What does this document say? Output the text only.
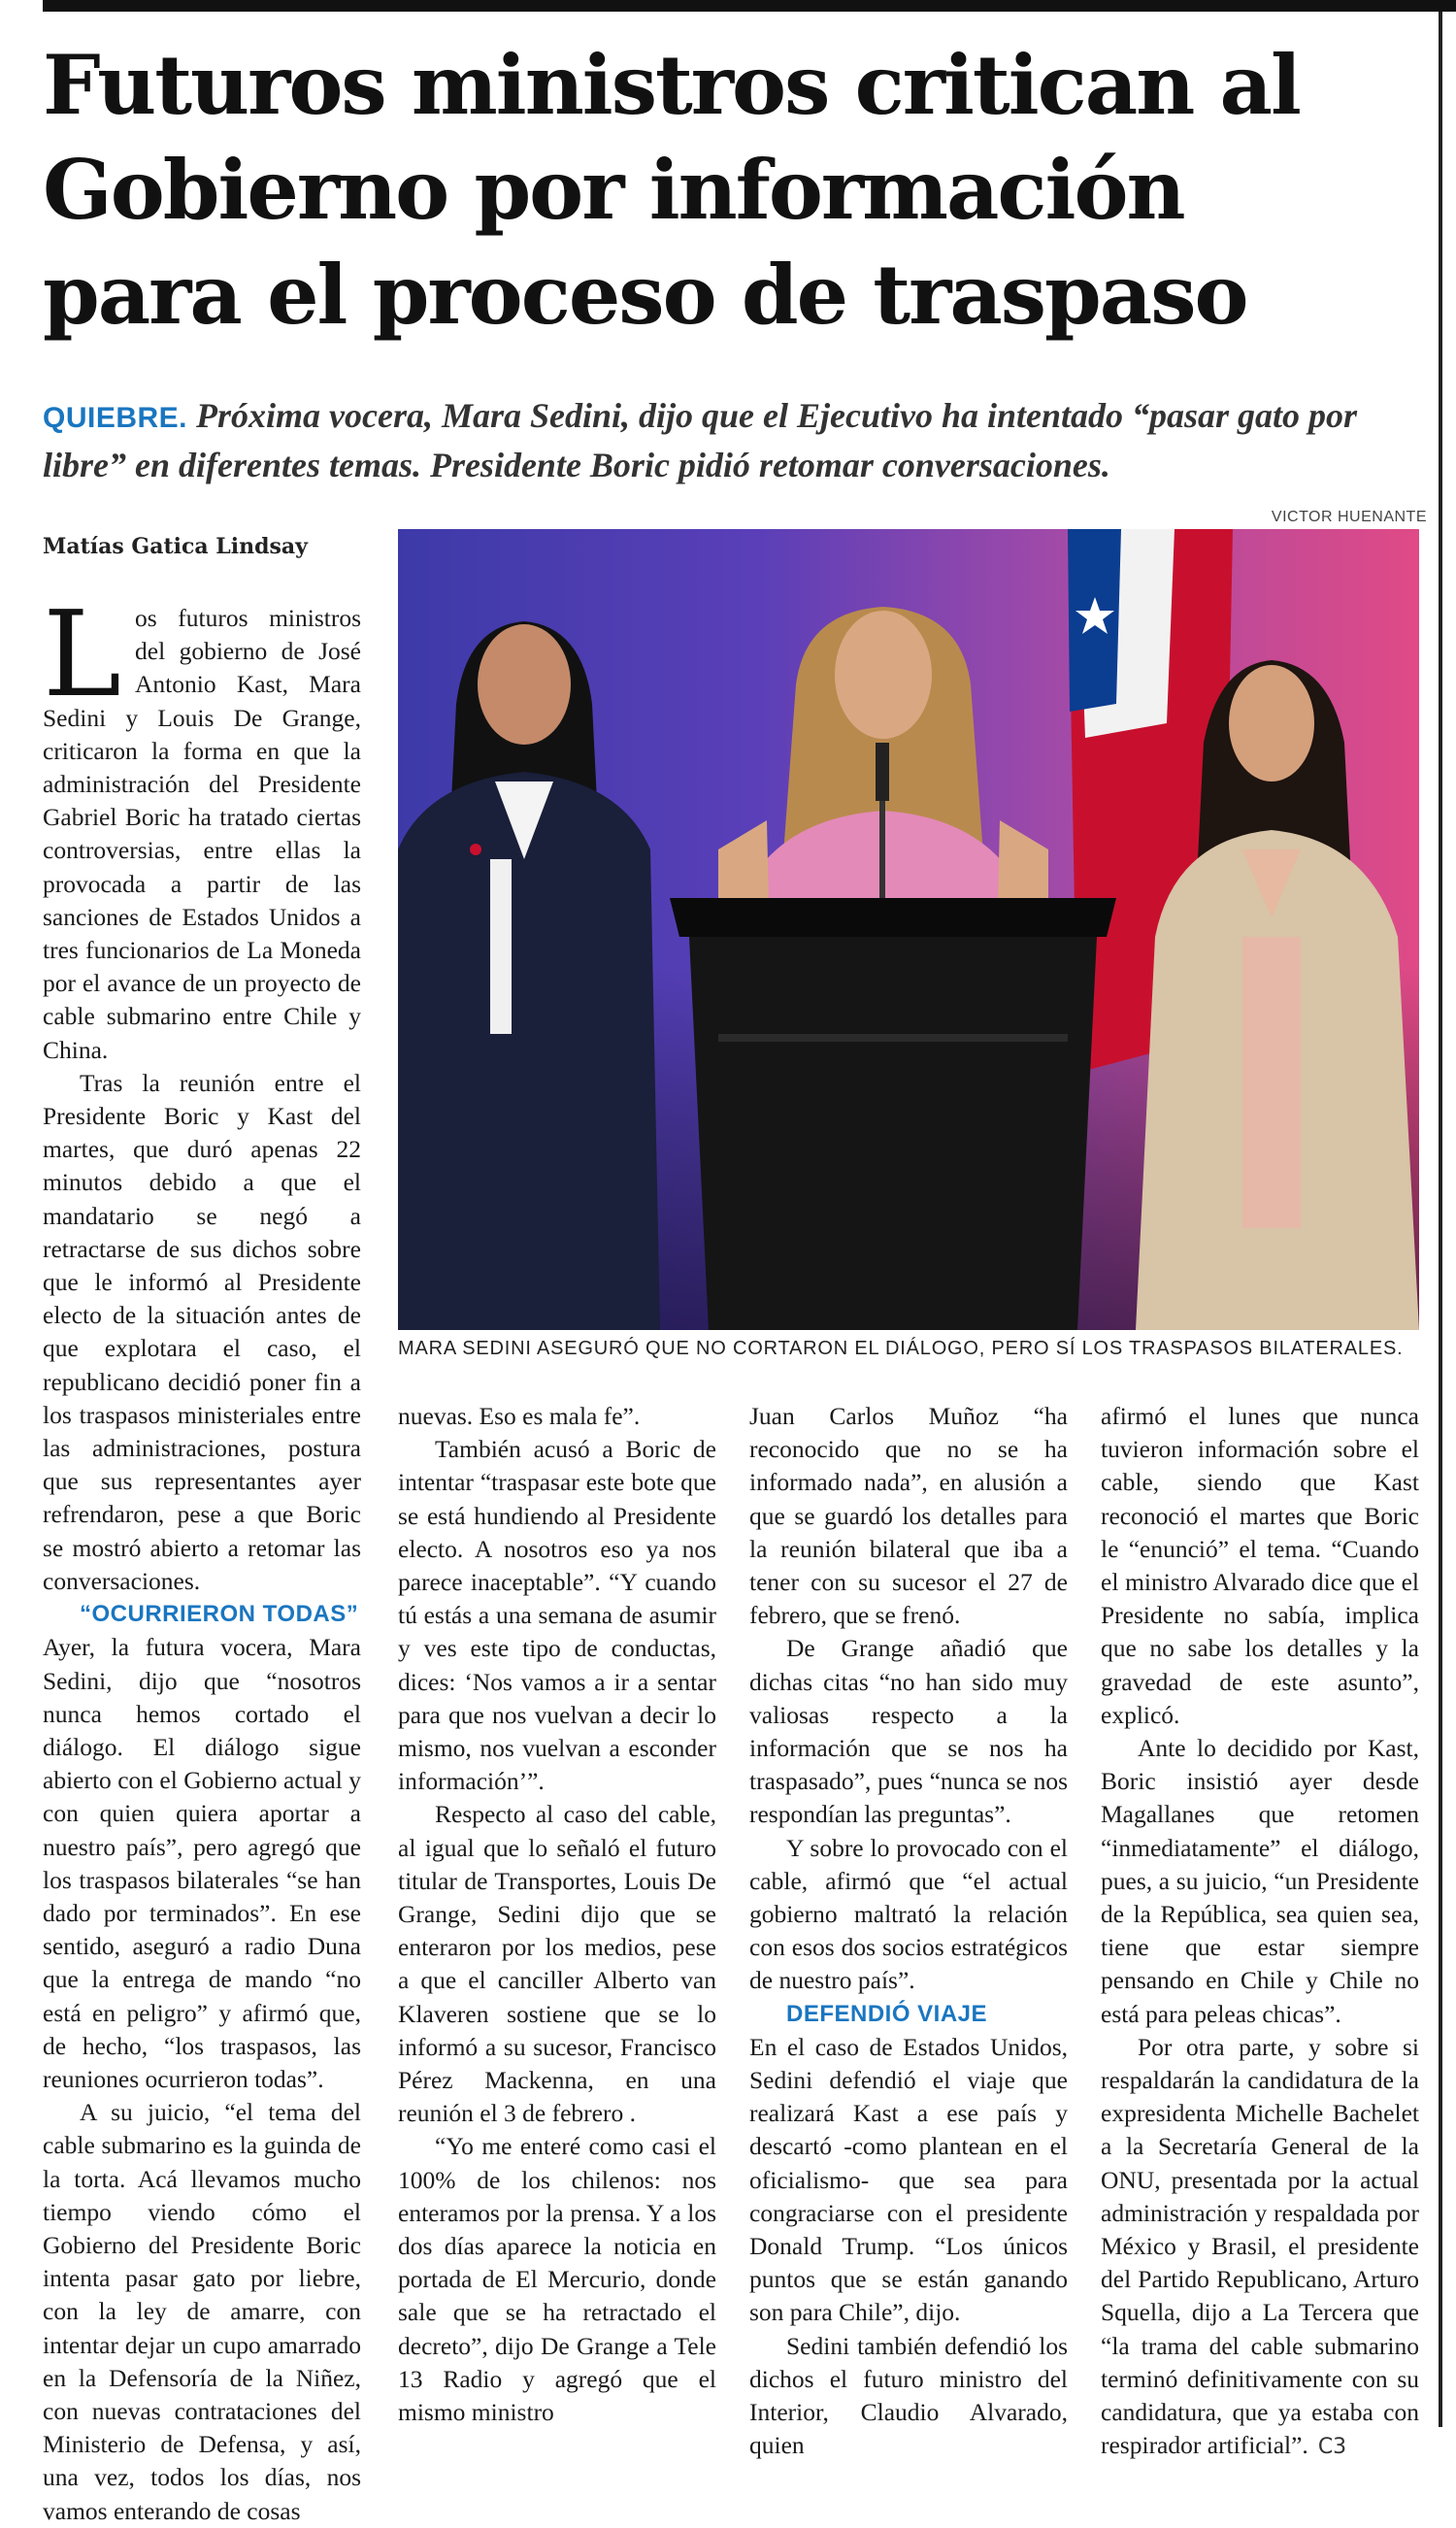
Futuros ministros critican al
Gobierno por información
para el proceso de traspaso
QUIEBRE. Próxima vocera, Mara Sedini, dijo que el Ejecutivo ha intentado “pasar gato por libre” en diferentes temas. Presidente Boric pidió retomar conversaciones.
VICTOR HUENANTE
Matías Gatica Lindsay
MARA SEDINI ASEGURÓ QUE NO CORTARON EL DIÁLOGO, PERO SÍ LOS TRASPASOS BILATERALES.

Los futuros ministros del gobierno de José Antonio Kast, Mara Sedini y Louis De Grange, criticaron la forma en que la administración del Presidente Gabriel Boric ha tratado ciertas controversias, entre ellas la provocada a partir de las sanciones de Estados Unidos a tres funcionarios de La Moneda por el avance de un proyecto de cable submarino entre Chile y China.

Tras la reunión entre el Presidente Boric y Kast del martes, que duró apenas 22 minutos debido a que el mandatario se negó a retractarse de sus dichos sobre que le informó al Presidente electo de la situación antes de que explotara el caso, el republicano decidió poner fin a los traspasos ministeriales entre las administraciones, postura que sus representantes ayer refrendaron, pese a que Boric se mostró abierto a retomar las conversaciones.

“OCURRIERON TODAS”

Ayer, la futura vocera, Mara Sedini, dijo que “nosotros nunca hemos cortado el diálogo. El diálogo sigue abierto con el Gobierno actual y con quien quiera aportar a nuestro país”, pero agregó que los traspasos bilaterales “se han dado por terminados”. En ese sentido, aseguró a radio Duna que la entrega de mando “no está en peligro” y afirmó que, de hecho, “los traspasos, las reuniones ocurrieron todas”.

A su juicio, “el tema del cable submarino es la guinda de la torta. Acá llevamos mucho tiempo viendo cómo el Gobierno del Presidente Boric intenta pasar gato por liebre, con la ley de amarre, con intentar dejar un cupo amarrado en la Defensoría de la Niñez, con nuevas contrataciones del Ministerio de Defensa, y así, una vez, todos los días, nos vamos enterando de cosas

nuevas. Eso es mala fe”.

También acusó a Boric de intentar “traspasar este bote que se está hundiendo al Presidente electo. A nosotros eso ya nos parece inaceptable”. “Y cuando tú estás a una semana de asumir y ves este tipo de conductas, dices: ‘Nos vamos a ir a sentar para que nos vuelvan a decir lo mismo, nos vuelvan a esconder información’”.

Respecto al caso del cable, al igual que lo señaló el futuro titular de Transportes, Louis De Grange, Sedini dijo que se enteraron por los medios, pese a que el canciller Alberto van Klaveren sostiene que se lo informó a su sucesor, Francisco Pérez Mackenna, en una reunión el 3 de febrero .

“Yo me enteré como casi el 100% de los chilenos: nos enteramos por la prensa. Y a los dos días aparece la noticia en portada de El Mercurio, donde sale que se ha retractado el decreto”, dijo De Grange a Tele 13 Radio y agregó que el mismo ministro

Juan Carlos Muñoz “ha reconocido que no se ha informado nada”, en alusión a que se guardó los detalles para la reunión bilateral que iba a tener con su sucesor el 27 de febrero, que se frenó.

De Grange añadió que dichas citas “no han sido muy valiosas respecto a la información que se nos ha traspasado”, pues “nunca se nos respondían las preguntas”.

Y sobre lo provocado con el cable, afirmó que “el actual gobierno maltrató la relación con esos dos socios estratégicos de nuestro país”.

DEFENDIÓ VIAJE

En el caso de Estados Unidos, Sedini defendió el viaje que realizará Kast a ese país y descartó -como plantean en el oficialismo- que sea para congraciarse con el presidente Donald Trump. “Los únicos puntos que se están ganando son para Chile”, dijo.

Sedini también defendió los dichos el futuro ministro del Interior, Claudio Alvarado, quien

afirmó el lunes que nunca tuvieron información sobre el cable, siendo que Kast reconoció el martes que Boric le “enunció” el tema. “Cuando el ministro Alvarado dice que el Presidente no sabía, implica que no sabe los detalles y la gravedad de este asunto”, explicó.

Ante lo decidido por Kast, Boric insistió ayer desde Magallanes que retomen “inmediatamente” el diálogo, pues, a su juicio, “un Presidente de la República, sea quien sea, tiene que estar siempre pensando en Chile y Chile no está para peleas chicas”.

Por otra parte, y sobre si respaldarán la candidatura de la expresidenta Michelle Bachelet a la Secretaría General de la ONU, presentada por la actual administración y respaldada por México y Brasil, el presidente del Partido Republicano, Arturo Squella, dijo a La Tercera que “la trama del cable submarino terminó definitivamente con su candidatura, que ya estaba con respirador artificial”. C3
